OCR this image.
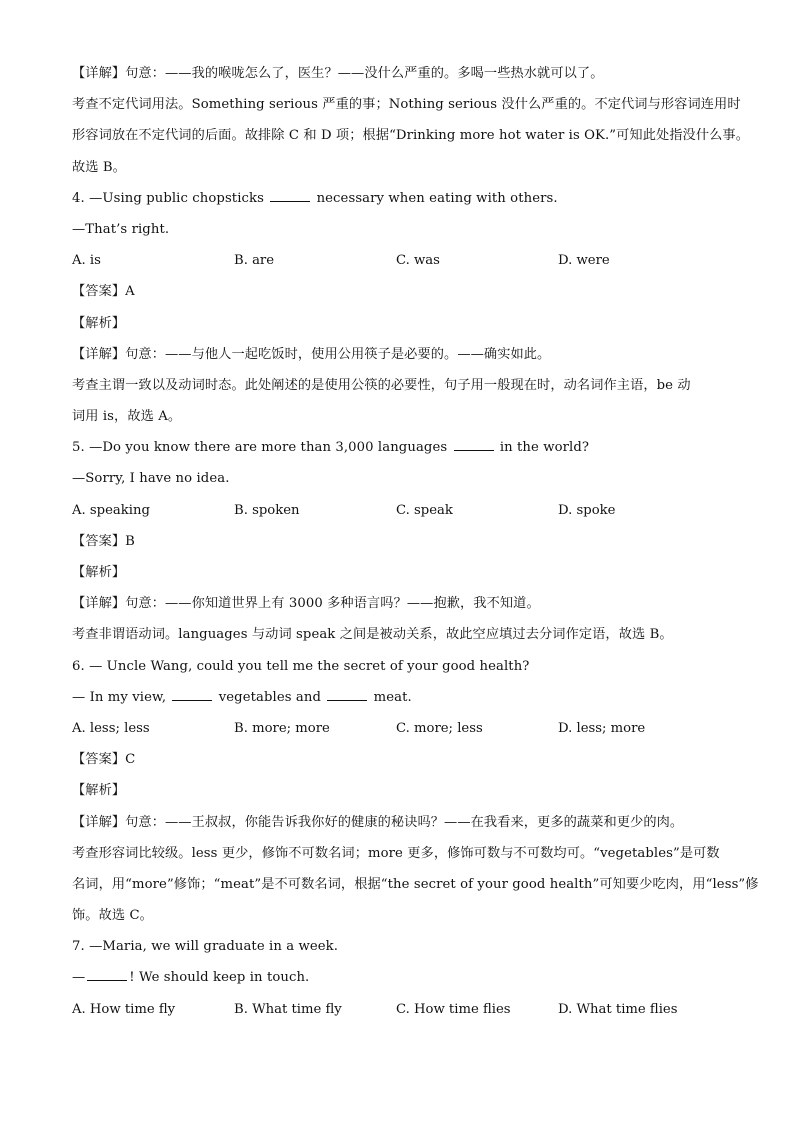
【详解】句意：——我的喉咙怎么了，医生？——没什么严重的。多喝一些热水就可以了。
考查不定代词用法。Something serious 严重的事；Nothing serious 没什么严重的。不定代词与形容词连用时
形容词放在不定代词的后面。故排除 C 和 D 项；根据“Drinking more hot water is OK.”可知此处指没什么事。
故选 B。
4. —Using public chopsticks	necessary when eating with others.
—That’s right.
A. is	B. are	C. was	D. were
【答案】A
【解析】
【详解】句意：——与他人一起吃饭时，使用公用筷子是必要的。——确实如此。
考查主谓一致以及动词时态。此处阐述的是使用公筷的必要性，句子用一般现在时，动名词作主语，be 动
词用 is，故选 A。
5. —Do you know there are more than 3,000 languages	in the world?
—Sorry, I have no idea.
A. speaking	B. spoken	C. speak	D. spoke
【答案】B
【解析】
【详解】句意：——你知道世界上有 3000 多种语言吗？——抱歉，我不知道。
考查非谓语动词。languages 与动词 speak 之间是被动关系，故此空应填过去分词作定语，故选 B。
6. — Uncle Wang, could you tell me the secret of your good health?
— In my view,	vegetables and	meat.
A. less; less	B. more; more	C. more; less	D. less; more
【答案】C
【解析】
【详解】句意：——王叔叔，你能告诉我你好的健康的秘诀吗？——在我看来，更多的蔬菜和更少的肉。
考查形容词比较级。less 更少，修饰不可数名词；more 更多，修饰可数与不可数均可。“vegetables”是可数
名词，用“more”修饰；“meat”是不可数名词，根据“the secret of your good health”可知要少吃肉，用“less”修
饰。故选 C。
7. —Maria, we will graduate in a week.
—	! We should keep in touch.
A. How time fly	B. What time fly	C. How time flies	D. What time flies
